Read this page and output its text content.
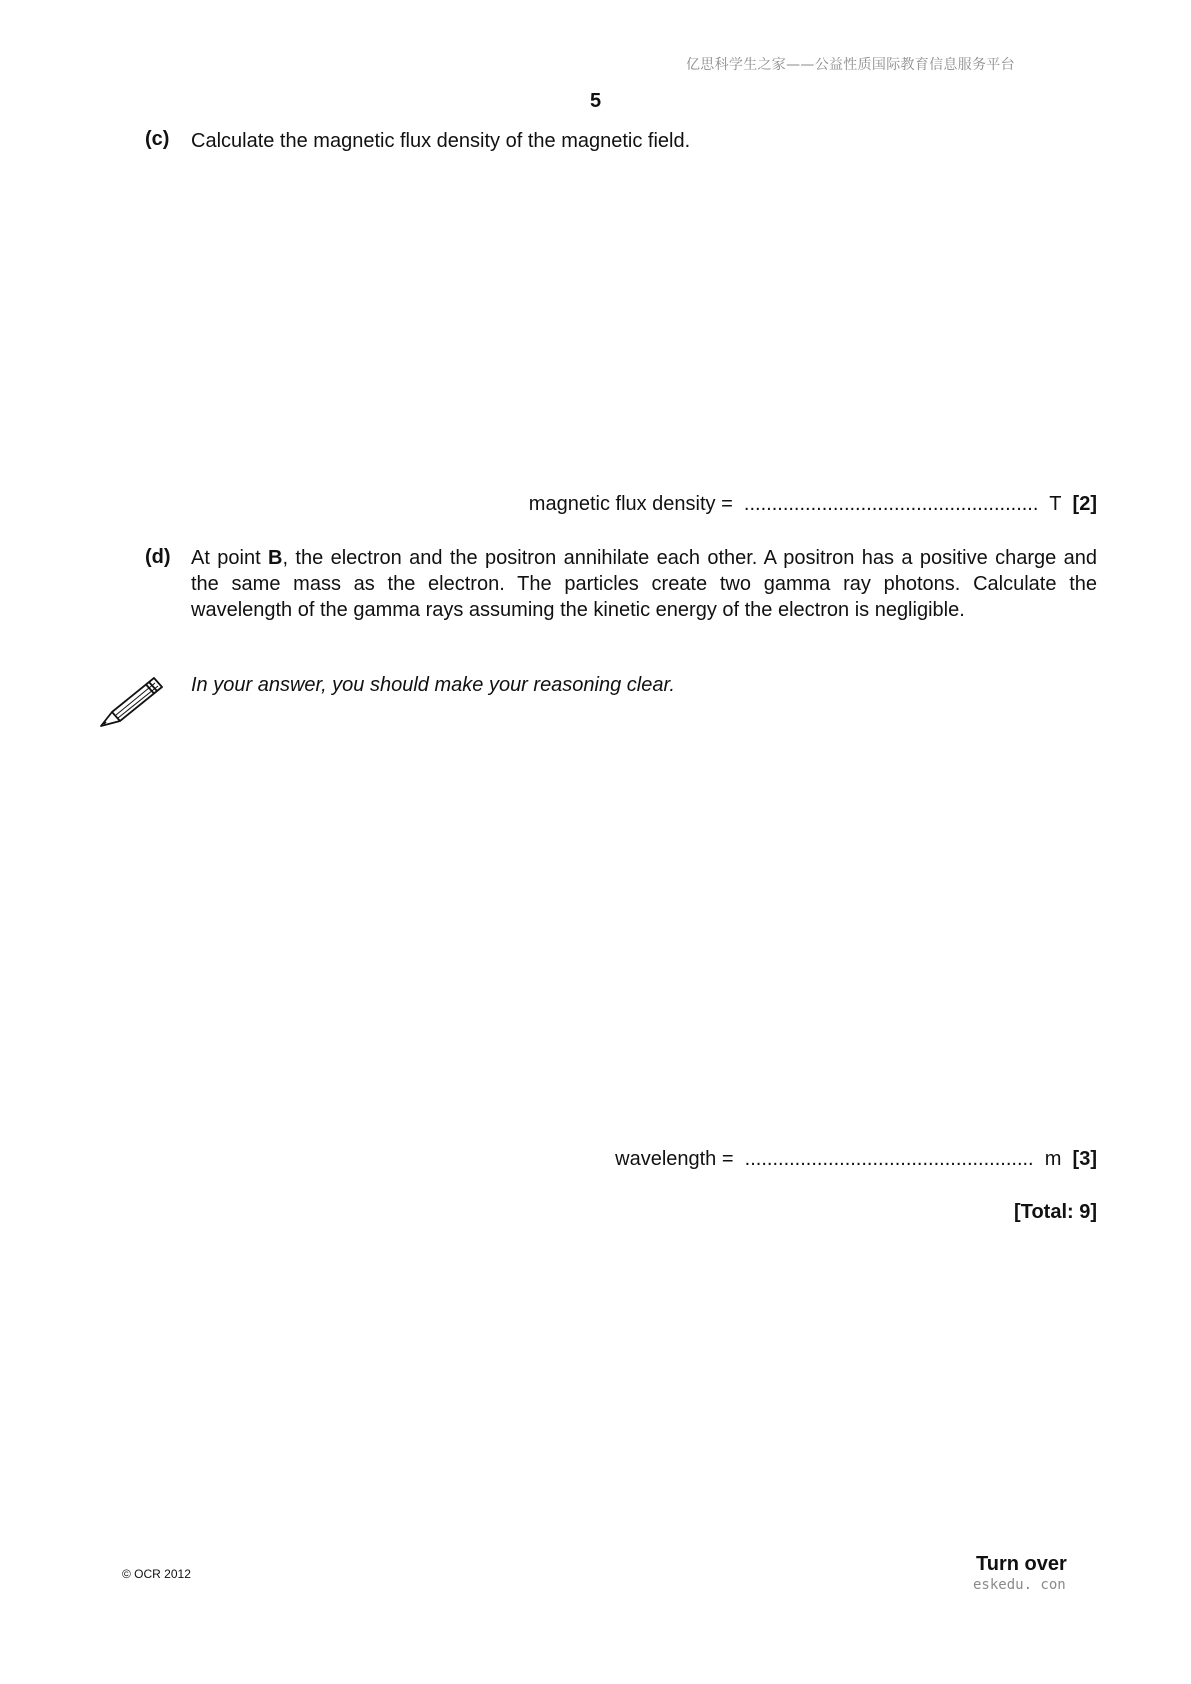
亿思科学生之家——公益性质国际教育信息服务平台
5
(c) Calculate the magnetic flux density of the magnetic field.
magnetic flux density = ..................................................... T [2]
(d) At point B, the electron and the positron annihilate each other. A positron has a positive charge and the same mass as the electron. The particles create two gamma ray photons. Calculate the wavelength of the gamma rays assuming the kinetic energy of the electron is negligible.
In your answer, you should make your reasoning clear.
wavelength = .................................................... m [3]
[Total: 9]
© OCR 2012	Turn over
eskedu. con
